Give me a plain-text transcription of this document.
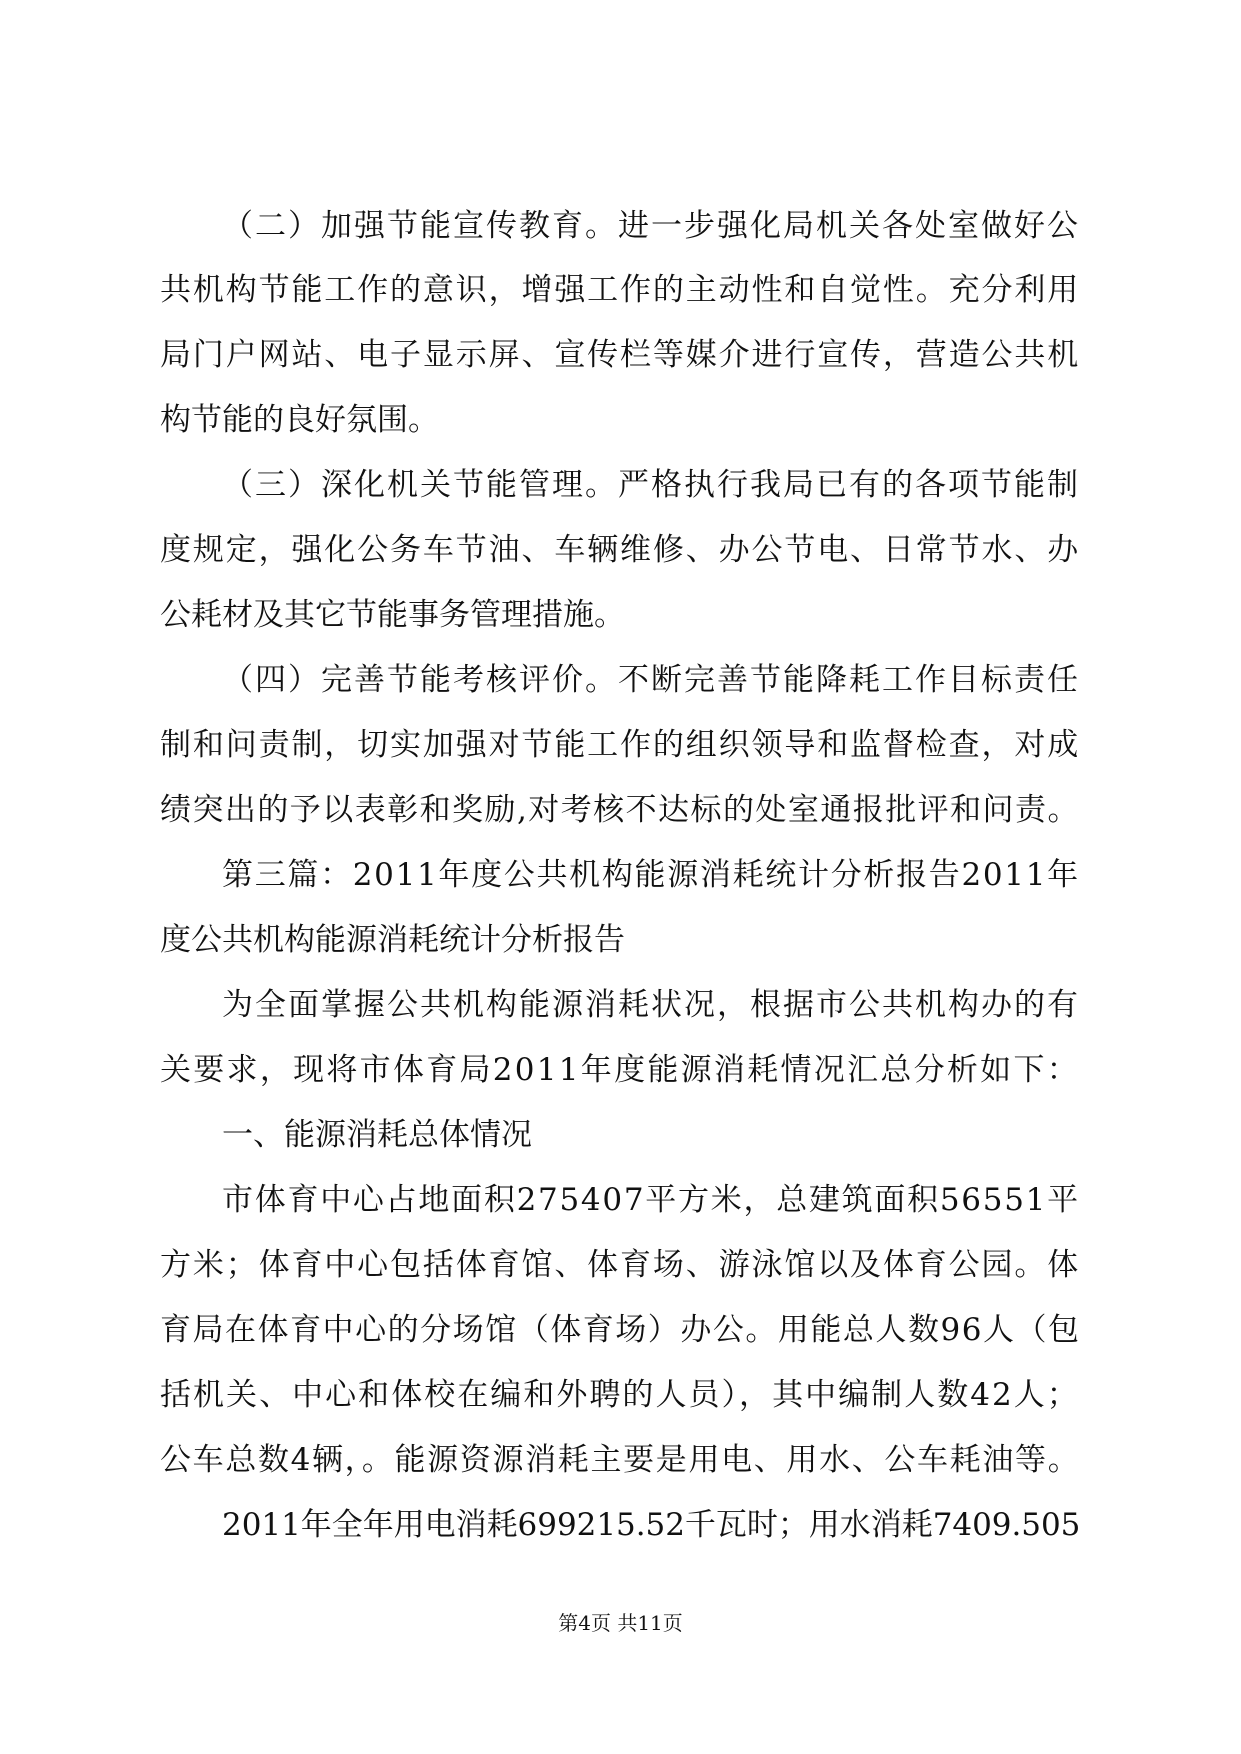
（二）加强节能宣传教育。进一步强化局机关各处室做好公
共机构节能工作的意识，增强工作的主动性和自觉性。充分利用
局门户网站、电子显示屏、宣传栏等媒介进行宣传，营造公共机
构节能的良好氛围。
（三）深化机关节能管理。严格执行我局已有的各项节能制
度规定，强化公务车节油、车辆维修、办公节电、日常节水、办
公耗材及其它节能事务管理措施。
（四）完善节能考核评价。不断完善节能降耗工作目标责任
制和问责制，切实加强对节能工作的组织领导和监督检查，对成
绩突出的予以表彰和奖励,对考核不达标的处室通报批评和问责。
第三篇：2011年度公共机构能源消耗统计分析报告2011年
度公共机构能源消耗统计分析报告
为全面掌握公共机构能源消耗状况，根据市公共机构办的有
关要求，现将市体育局2011年度能源消耗情况汇总分析如下：
一、能源消耗总体情况
市体育中心占地面积275407平方米，总建筑面积56551平
方米；体育中心包括体育馆、体育场、游泳馆以及体育公园。体
育局在体育中心的分场馆（体育场）办公。用能总人数96人（包
括机关、中心和体校在编和外聘的人员），其中编制人数42人；
公车总数4辆，。能源资源消耗主要是用电、用水、公车耗油等。
2011年全年用电消耗699215.52千瓦时；用水消耗7409.505
第4页 共11页
